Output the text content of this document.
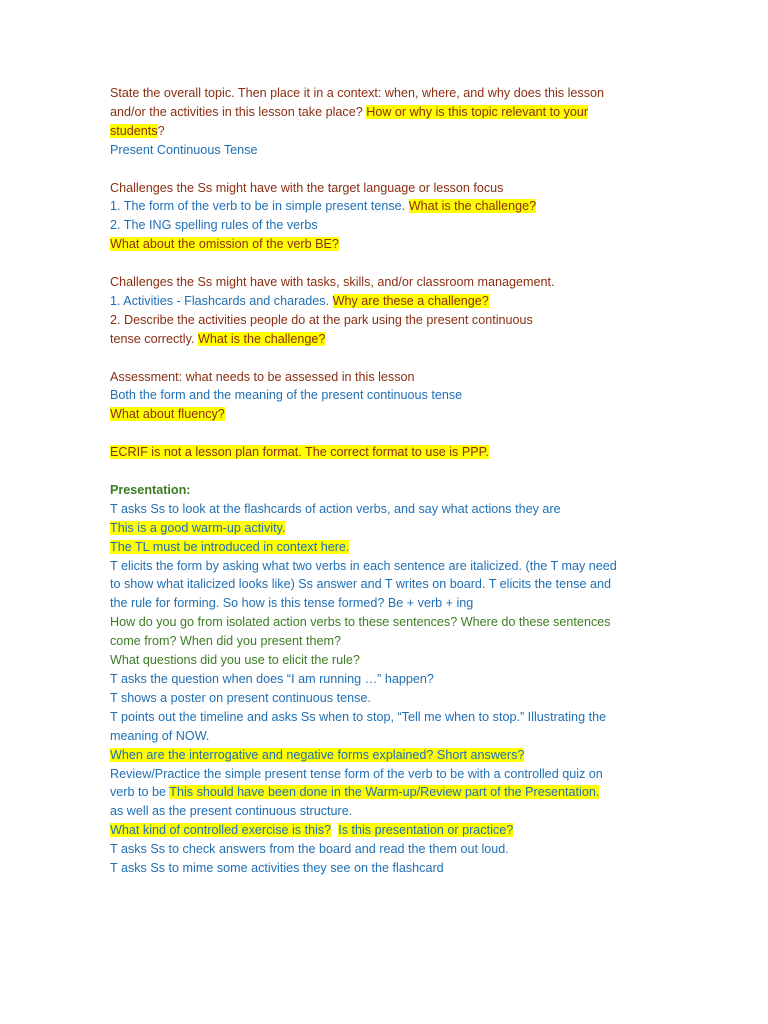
State the overall topic. Then place it in a context: when, where, and why does this lesson
and/or the activities in this lesson take place? How or why is this topic relevant to your
students?
Present Continuous Tense
Challenges the Ss might have with the target language or lesson focus
1. The form of the verb to be in simple present tense. What is the challenge?
2. The ING spelling rules of the verbs
What about the omission of the verb BE?
Challenges the Ss might have with tasks, skills, and/or classroom management.
1. Activities - Flashcards and charades. Why are these a challenge?
2. Describe the activities people do at the park using the present continuous
tense correctly. What is the challenge?
Assessment: what needs to be assessed in this lesson
Both the form and the meaning of the present continuous tense
What about fluency?
ECRIF is not a lesson plan format. The correct format to use is PPP.
Presentation:
T asks Ss to look at the flashcards of action verbs, and say what actions they are
This is a good warm-up activity.
The TL must be introduced in context here.
T elicits the form by asking what two verbs in each sentence are italicized. (the T may need
to show what italicized looks like) Ss answer and T writes on board. T elicits the tense and
the rule for forming. So how is this tense formed? Be + verb + ing
How do you go from isolated action verbs to these sentences? Where do these sentences
come from? When did you present them?
What questions did you use to elicit the rule?
T asks the question when does “I am running …” happen?
T shows a poster on present continuous tense.
T points out the timeline and asks Ss when to stop, “Tell me when to stop.” Illustrating the
meaning of NOW.
When are the interrogative and negative forms explained? Short answers?
Review/Practice the simple present tense form of the verb to be with a controlled quiz on
verb to be This should have been done in the Warm-up/Review part of the Presentation.
as well as the present continuous structure.
What kind of controlled exercise is this? Is this presentation or practice?
T asks Ss to check answers from the board and read the them out loud.
T asks Ss to mime some activities they see on the flashcard
